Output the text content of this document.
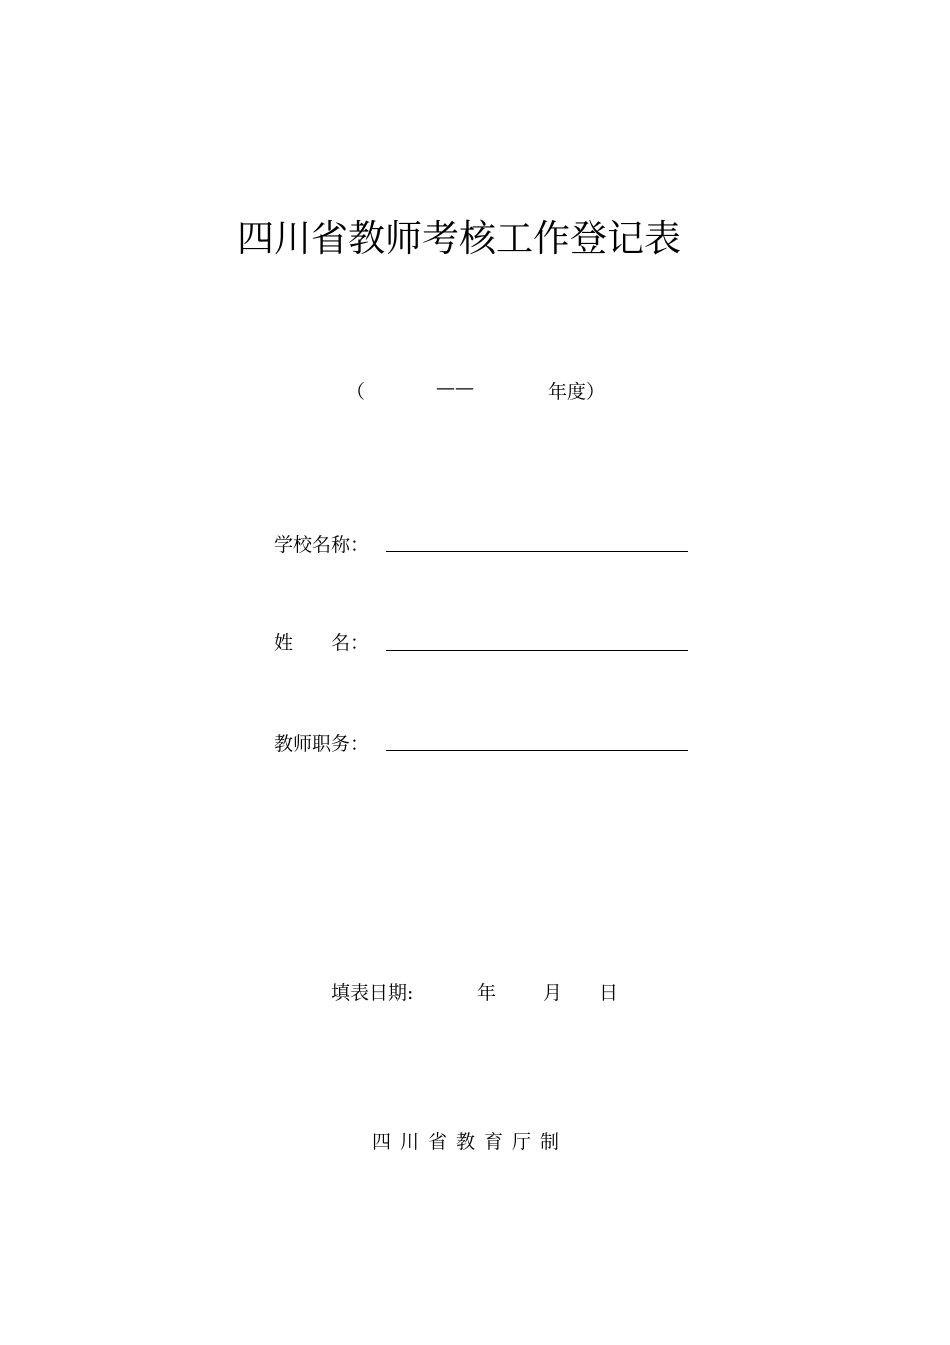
四川省教师考核工作登记表
（	——	年度）
学校名称：
姓　　名：
教师职务：
填表日期:	年 月 日
四川省教育厅制
